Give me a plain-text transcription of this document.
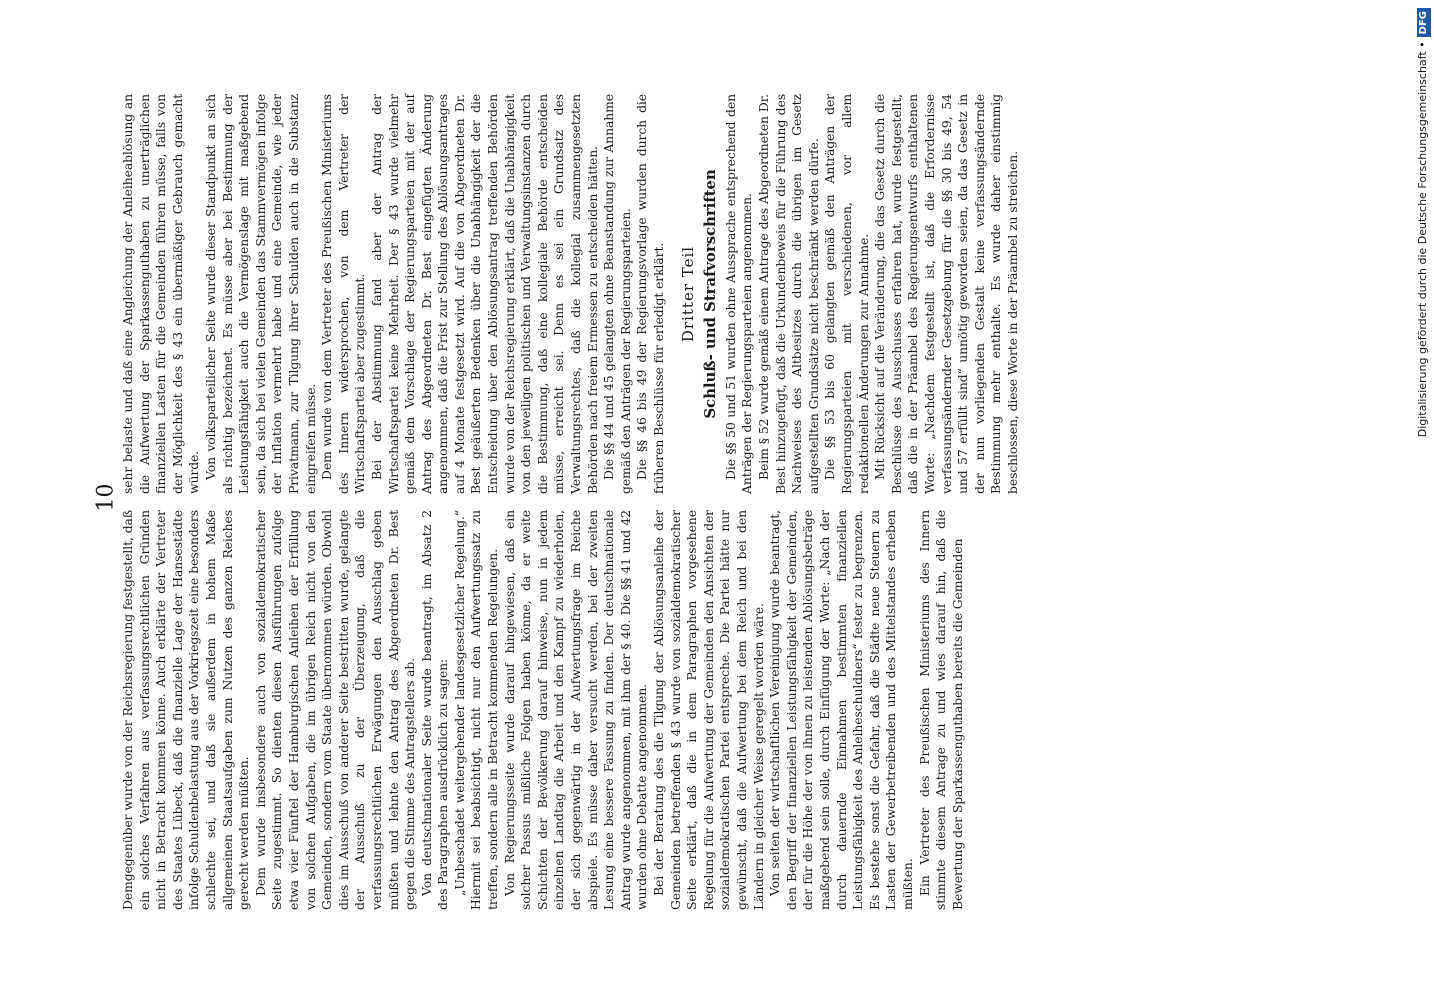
10

Demgegenüber wurde von der Reichsregierung festgestellt, daß ein solches Verfahren aus verfassungsrechtlichen Gründen nicht in Betracht kommen könne. Auch erklärte der Vertreter des Staates Lübeck, daß die finanzielle Lage der Hansestädte infolge Schuldenbelastung aus der Vorkriegszeit eine besonders schlechte sei, und daß sie außerdem in hohem Maße allgemeinen Staatsaufgaben zum Nutzen des ganzen Reiches gerecht werden müßten. Dem wurde insbesondere auch von sozialdemokratischer Seite zugestimmt. So dienten diesen Ausführungen zufolge etwa vier Fünftel der Hamburgischen Anleihen der Erfüllung von solchen Aufgaben, die im übrigen Reich nicht von den Gemeinden, sondern vom Staate übernommen würden. Obwohl dies im Ausschuß von anderer Seite bestritten wurde, gelangte der Ausschuß zu der Überzeugung, daß die verfassungsrechtlichen Erwägungen den Ausschlag geben müßten und lehnte den Antrag des Abgeordneten Dr. Best gegen die Stimme des Antragstellers ab. Von deutschnationaler Seite wurde beantragt, im Absatz 2 des Paragraphen ausdrücklich zu sagen: „Unbeschadet weitergehender landesgesetzlicher Regelung.“ Hiermit sei beabsichtigt, nicht nur den Aufwertungssatz zu treffen, sondern alle in Betracht kommenden Regelungen. Von Regierungsseite wurde darauf hingewiesen, daß ein solcher Passus mißliche Folgen haben könne, da er weite Schichten der Bevölkerung darauf hinweise, nun in jedem einzelnen Landtag die Arbeit und den Kampf zu wiederholen, der sich gegenwärtig in der Aufwertungsfrage im Reiche abspiele. Es müsse daher versucht werden, bei der zweiten Lesung eine bessere Fassung zu finden. Der deutschnationale Antrag wurde angenommen, mit ihm der § 40. Die §§ 41 und 42 wurden ohne Debatte angenommen. Bei der Beratung des die Tilgung der Ablösungsanleihe der Gemeinden betreffenden § 43 wurde von sozialdemokratischer Seite erklärt, daß die in dem Paragraphen vorgesehene Regelung für die Aufwertung der Gemeinden den Ansichten der sozialdemokratischen Partei entspreche. Die Partei hätte nur gewünscht, daß die Aufwertung bei dem Reich und bei den Ländern in gleicher Weise geregelt worden wäre. Von seiten der wirtschaftlichen Vereinigung wurde beantragt, den Begriff der finanziellen Leistungsfähigkeit der Gemeinden, der für die Höhe der von ihnen zu leistenden Ablösungsbeträge maßgebend sein solle, durch Einfügung der Worte: „Nach der durch dauernde Einnahmen bestimmten finanziellen Leistungsfähigkeit des Anleiheschuldners“ fester zu begrenzen. Es bestehe sonst die Gefahr, daß die Städte neue Steuern zu Lasten der Gewerbetreibenden und des Mittelstandes erheben müßten. Ein Vertreter des Preußischen Ministeriums des Innern stimmte diesem Antrage zu und wies darauf hin, daß die Bewertung der Sparkassenguthaben bereits die Gemeinden

sehr belaste und daß eine Angleichung der Anleiheablösung an die Aufwertung der Sparkassenguthaben zu unerträglichen finanziellen Lasten für die Gemeinden führen müsse, falls von der Möglichkeit des § 43 ein übermäßiger Gebrauch gemacht würde. Von volksparteilicher Seite wurde dieser Standpunkt an sich als richtig bezeichnet. Es müsse aber bei Bestimmung der Leistungsfähigkeit auch die Vermögenslage mit maßgebend sein, da sich bei vielen Gemeinden das Stammvermögen infolge der Inflation vermehrt habe und eine Gemeinde, wie jeder Privatmann, zur Tilgung ihrer Schulden auch in die Substanz eingreifen müsse. Dem wurde von dem Vertreter des Preußischen Ministeriums des Innern widersprochen, von dem Vertreter der Wirtschaftspartei aber zugestimmt. Bei der Abstimmung fand aber der Antrag der Wirtschaftspartei keine Mehrheit. Der § 43 wurde vielmehr gemäß dem Vorschlage der Regierungsparteien mit der auf Antrag des Abgeordneten Dr. Best eingefügten Änderung angenommen, daß die Frist zur Stellung des Ablösungsantrages auf 4 Monate festgesetzt wird. Auf die von Abgeordneten Dr. Best geäußerten Bedenken über die Unabhängigkeit der die Entscheidung über den Ablösungsantrag treffenden Behörden wurde von der Reichsregierung erklärt, daß die Unabhängigkeit von den jeweiligen politischen und Verwaltungsinstanzen durch die Bestimmung, daß eine kollegiale Behörde entscheiden müsse, erreicht sei. Denn es sei ein Grundsatz des Verwaltungsrechtes, daß die kollegial zusammengesetzten Behörden nach freiem Ermessen zu entscheiden hätten. Die §§ 44 und 45 gelangten ohne Beanstandung zur Annahme gemäß den Anträgen der Regierungsparteien. Die §§ 46 bis 49 der Regierungsvorlage wurden durch die früheren Beschlüsse für erledigt erklärt. Dritter Teil Schluß- und Strafvorschriften Die §§ 50 und 51 wurden ohne Aussprache entsprechend den Anträgen der Regierungsparteien angenommen. Beim § 52 wurde gemäß einem Antrage des Abgeordneten Dr. Best hinzugefügt, daß die Urkundenbeweis für die Führung des Nachweises des Altbesitzes durch die übrigen im Gesetz aufgestellten Grundsätze nicht beschränkt werden dürfe. Die §§ 53 bis 60 gelangten gemäß den Anträgen der Regierungsparteien mit verschiedenen, vor allem redaktionellen Änderungen zur Annahme. Mit Rücksicht auf die Veränderung, die das Gesetz durch die Beschlüsse des Ausschusses erfahren hat, wurde festgestellt, daß die in der Präambel des Regierungsentwurfs enthaltenen Worte: „Nachdem festgestellt ist, daß die Erfordernisse verfassungsändernder Gesetzgebung für die §§ 30 bis 49, 54 und 57 erfüllt sind“ unnötig geworden seien, da das Gesetz in der nun vorliegenden Gestalt keine verfassungsändernde Bestimmung mehr enthalte. Es wurde daher einstimmig beschlossen, diese Worte in der Präambel zu streichen.	Digitalisierung gefördert durch die Deutsche Forschungsgemeinschaft •DFG
